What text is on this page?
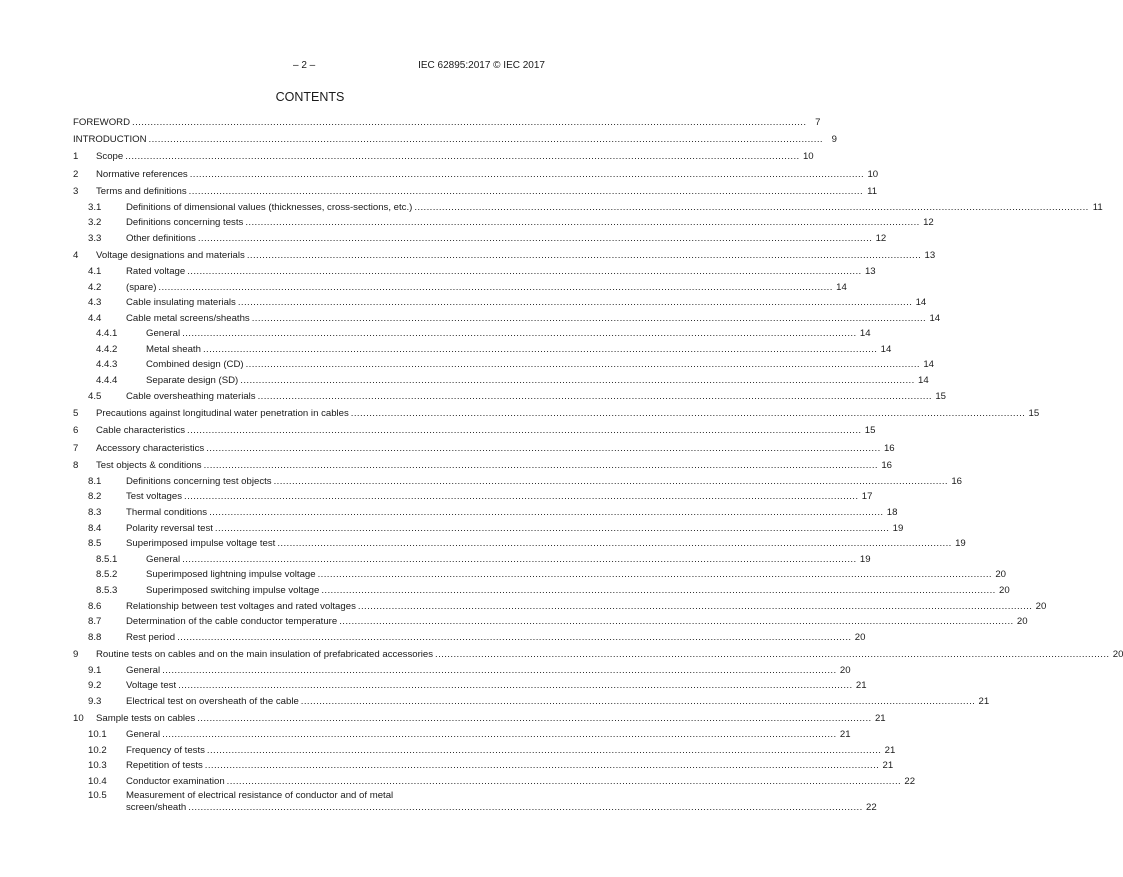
– 2 –	IEC 62895:2017 © IEC 2017
CONTENTS
FOREWORD ............................................................................................................................................................................................................................ 7
INTRODUCTION ............................................................................................................................................................................................................................ 9
1	Scope ............................................................................................................................................................................................................................ 10
2	Normative references ............................................................................................................................................................................................................................ 10
3	Terms and definitions ............................................................................................................................................................................................................................ 11
3.1	Definitions of dimensional values (thicknesses, cross-sections, etc.) ............................................................................................................................................................................................................................ 11
3.2	Definitions concerning tests ............................................................................................................................................................................................................................ 12
3.3	Other definitions ............................................................................................................................................................................................................................ 12
4	Voltage designations and materials ............................................................................................................................................................................................................................ 13
4.1	Rated voltage ............................................................................................................................................................................................................................ 13
4.2	(spare) ............................................................................................................................................................................................................................ 14
4.3	Cable insulating materials ............................................................................................................................................................................................................................ 14
4.4	Cable metal screens/sheaths ............................................................................................................................................................................................................................ 14
4.4.1	General ............................................................................................................................................................................................................................ 14
4.4.2	Metal sheath ............................................................................................................................................................................................................................ 14
4.4.3	Combined design (CD) ............................................................................................................................................................................................................................ 14
4.4.4	Separate design (SD) ............................................................................................................................................................................................................................ 14
4.5	Cable oversheathing materials ............................................................................................................................................................................................................................ 15
5	Precautions against longitudinal water penetration in cables ............................................................................................................................................................................................................................ 15
6	Cable characteristics ............................................................................................................................................................................................................................ 15
7	Accessory characteristics ............................................................................................................................................................................................................................ 16
8	Test objects & conditions ............................................................................................................................................................................................................................ 16
8.1	Definitions concerning test objects ............................................................................................................................................................................................................................ 16
8.2	Test voltages ............................................................................................................................................................................................................................ 17
8.3	Thermal conditions ............................................................................................................................................................................................................................ 18
8.4	Polarity reversal test ............................................................................................................................................................................................................................ 19
8.5	Superimposed impulse voltage test ............................................................................................................................................................................................................................ 19
8.5.1	General ............................................................................................................................................................................................................................ 19
8.5.2	Superimposed lightning impulse voltage ............................................................................................................................................................................................................................ 20
8.5.3	Superimposed switching impulse voltage ............................................................................................................................................................................................................................ 20
8.6	Relationship between test voltages and rated voltages ............................................................................................................................................................................................................................ 20
8.7	Determination of the cable conductor temperature ............................................................................................................................................................................................................................ 20
8.8	Rest period ............................................................................................................................................................................................................................ 20
9	Routine tests on cables and on the main insulation of prefabricated accessories ............................................................................................................................................................................................................................ 20
9.1	General ............................................................................................................................................................................................................................ 20
9.2	Voltage test ............................................................................................................................................................................................................................ 21
9.3	Electrical test on oversheath of the cable ............................................................................................................................................................................................................................ 21
10	Sample tests on cables ............................................................................................................................................................................................................................ 21
10.1	General ............................................................................................................................................................................................................................ 21
10.2	Frequency of tests ............................................................................................................................................................................................................................ 21
10.3	Repetition of tests ............................................................................................................................................................................................................................ 21
10.4	Conductor examination ............................................................................................................................................................................................................................ 22
10.5	Measurement of electrical resistance of conductor and of metal
screen/sheath ............................................................................................................................................................................................................................ 22
